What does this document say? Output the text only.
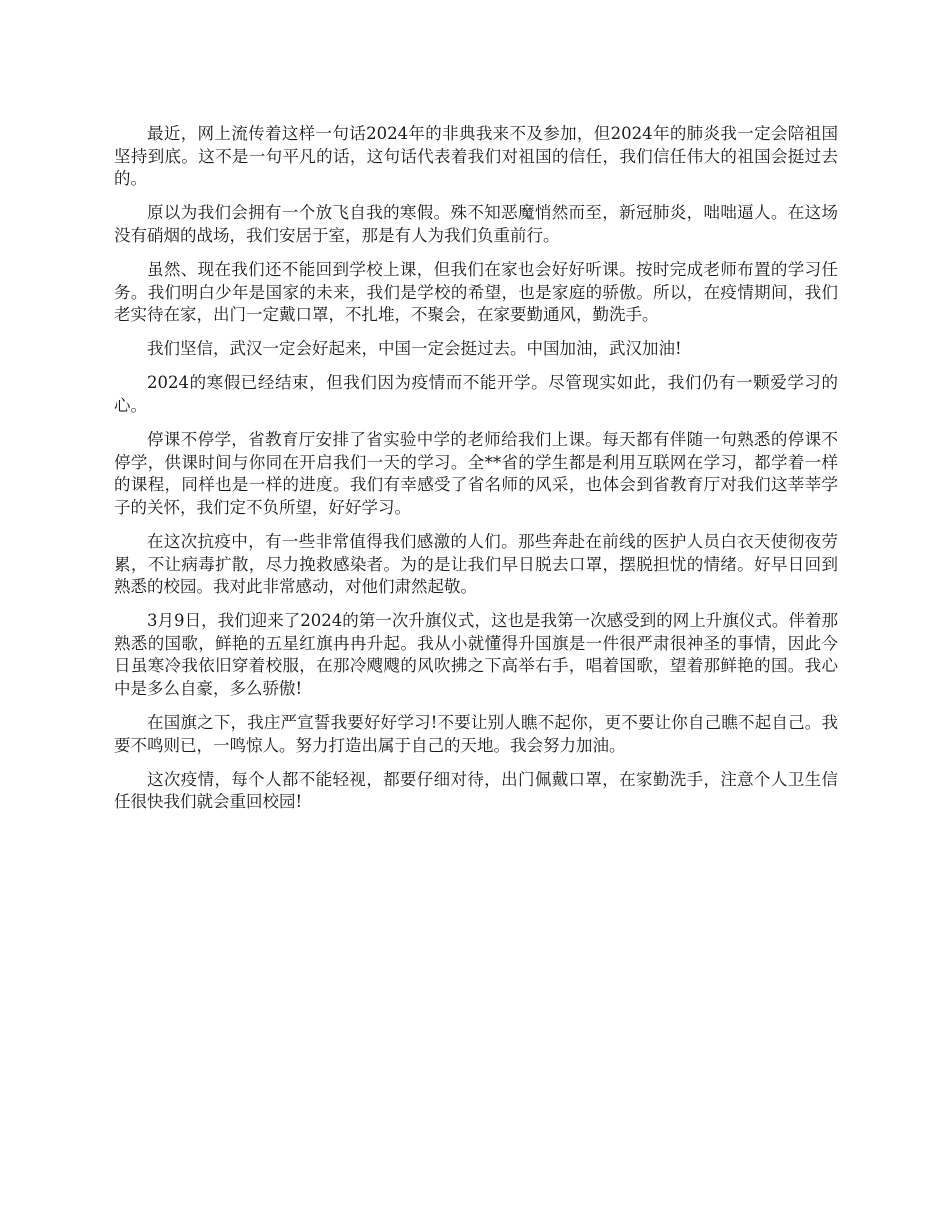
最近，网上流传着这样一句话2024年的非典我来不及参加，但2024年的肺炎我一定会陪祖国坚持到底。这不是一句平凡的话，这句话代表着我们对祖国的信任，我们信任伟大的祖国会挺过去的。

原以为我们会拥有一个放飞自我的寒假。殊不知恶魔悄然而至，新冠肺炎，咄咄逼人。在这场没有硝烟的战场，我们安居于室，那是有人为我们负重前行。

虽然、现在我们还不能回到学校上课，但我们在家也会好好听课。按时完成老师布置的学习任务。我们明白少年是国家的未来，我们是学校的希望，也是家庭的骄傲。所以，在疫情期间，我们老实待在家，出门一定戴口罩，不扎堆，不聚会，在家要勤通风，勤洗手。

我们坚信，武汉一定会好起来，中国一定会挺过去。中国加油，武汉加油!

2024的寒假已经结束，但我们因为疫情而不能开学。尽管现实如此，我们仍有一颗爱学习的心。

停课不停学，省教育厅安排了省实验中学的老师给我们上课。每天都有伴随一句熟悉的停课不停学，供课时间与你同在开启我们一天的学习。全**省的学生都是利用互联网在学习，都学着一样的课程，同样也是一样的进度。我们有幸感受了省名师的风采，也体会到省教育厅对我们这莘莘学子的关怀，我们定不负所望，好好学习。

在这次抗疫中，有一些非常值得我们感激的人们。那些奔赴在前线的医护人员白衣天使彻夜劳累，不让病毒扩散，尽力挽救感染者。为的是让我们早日脱去口罩，摆脱担忧的情绪。好早日回到熟悉的校园。我对此非常感动，对他们肃然起敬。

3月9日，我们迎来了2024的第一次升旗仪式，这也是我第一次感受到的网上升旗仪式。伴着那熟悉的国歌，鲜艳的五星红旗冉冉升起。我从小就懂得升国旗是一件很严肃很神圣的事情，因此今日虽寒冷我依旧穿着校服，在那冷飕飕的风吹拂之下高举右手，唱着国歌，望着那鲜艳的国。我心中是多么自豪，多么骄傲!

在国旗之下，我庄严宣誓我要好好学习!不要让别人瞧不起你，更不要让你自己瞧不起自己。我要不鸣则已，一鸣惊人。努力打造出属于自己的天地。我会努力加油。

这次疫情，每个人都不能轻视，都要仔细对待，出门佩戴口罩，在家勤洗手，注意个人卫生信任很快我们就会重回校园!
